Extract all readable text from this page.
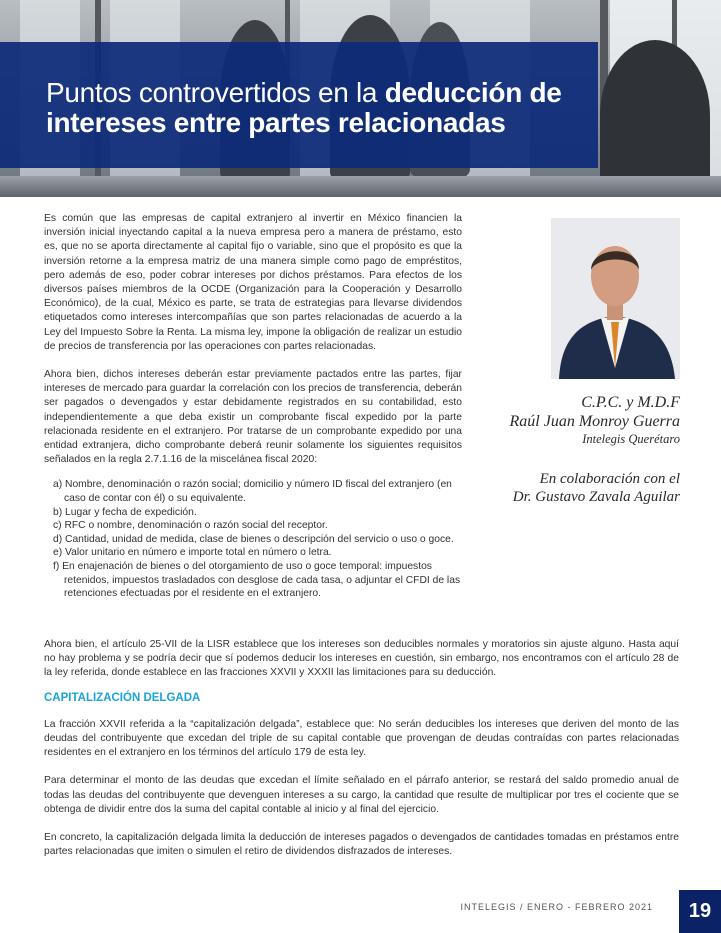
Puntos controvertidos en la deducción de intereses entre partes relacionadas

Es común que las empresas de capital extranjero al invertir en México financien la inversión inicial inyectando capital a la nueva empresa pero a manera de préstamo, esto es, que no se aporta directamente al capital fijo o variable, sino que el propósito es que la inversión retorne a la empresa matriz de una manera simple como pago de empréstitos, pero además de eso, poder cobrar intereses por dichos préstamos. Para efectos de los diversos países miembros de la OCDE (Organización para la Cooperación y Desarrollo Económico), de la cual, México es parte, se trata de estrategias para llevarse dividendos etiquetados como intereses intercompañías que son partes relacionadas de acuerdo a la Ley del Impuesto Sobre la Renta. La misma ley, impone la obligación de realizar un estudio de precios de transferencia por las operaciones con partes relacionadas.

Ahora bien, dichos intereses deberán estar previamente pactados entre las partes, fijar intereses de mercado para guardar la correlación con los precios de transferencia, deberán ser pagados o devengados y estar debidamente registrados en su contabilidad, esto independientemente a que deba existir un comprobante fiscal expedido por la parte relacionada residente en el extranjero. Por tratarse de un comprobante expedido por una entidad extranjera, dicho comprobante deberá reunir solamente los siguientes requisitos señalados en la regla 2.7.1.16 de la miscelánea fiscal 2020:

a) Nombre, denominación o razón social; domicilio y número ID fiscal del extranjero (en caso de contar con él) o su equivalente.
b) Lugar y fecha de expedición.
c) RFC o nombre, denominación o razón social del receptor.
d) Cantidad, unidad de medida, clase de bienes o descripción del servicio o uso o goce.
e) Valor unitario en número e importe total en número o letra.
f) En enajenación de bienes o del otorgamiento de uso o goce temporal: impuestos retenidos, impuestos trasladados con desglose de cada tasa, o adjuntar el CFDI de las retenciones efectuadas por el residente en el extranjero.
C.P.C. y M.D.F
Raúl Juan Monroy Guerra
Intelegis Querétaro
En colaboración con el
Dr. Gustavo Zavala Aguilar

Ahora bien, el artículo 25-VII de la LISR establece que los intereses son deducibles normales y moratorios sin ajuste alguno. Hasta aquí no hay problema y se podría decir que sí podemos deducir los intereses en cuestión, sin embargo, nos encontramos con el artículo 28 de la ley referida, donde establece en las fracciones XXVII y XXXII las limitaciones para su deducción.

CAPITALIZACIÓN DELGADA

La fracción XXVII referida a la “capitalización delgada”, establece que: No serán deducibles los intereses que deriven del monto de las deudas del contribuyente que excedan del triple de su capital contable que provengan de deudas contraídas con partes relacionadas residentes en el extranjero en los términos del artículo 179 de esta ley.

Para determinar el monto de las deudas que excedan el límite señalado en el párrafo anterior, se restará del saldo promedio anual de todas las deudas del contribuyente que devenguen intereses a su cargo, la cantidad que resulte de multiplicar por tres el cociente que se obtenga de dividir entre dos la suma del capital contable al inicio y al final del ejercicio.

En concreto, la capitalización delgada limita la deducción de intereses pagados o devengados de cantidades tomadas en préstamos entre partes relacionadas que imiten o simulen el retiro de dividendos disfrazados de intereses.

INTELEGIS / ENERO - FEBRERO 2021	19
